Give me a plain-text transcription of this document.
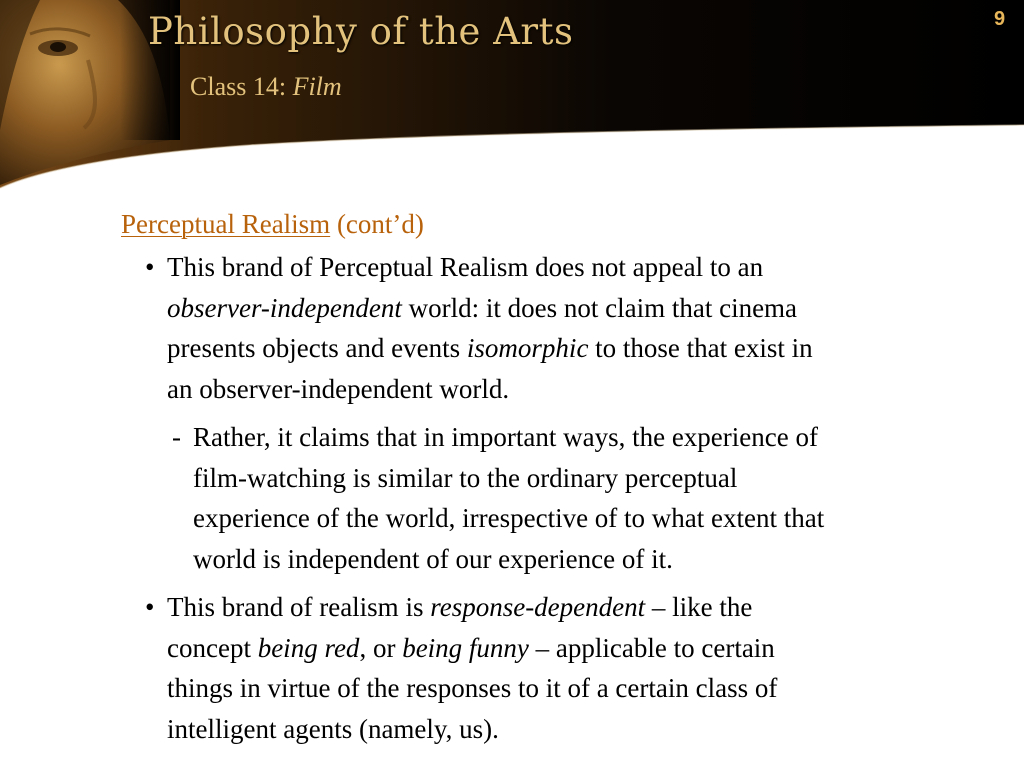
Philosophy of the Arts
Class 14: Film
9
Perceptual Realism (cont’d)
• This brand of Perceptual Realism does not appeal to an
observer-independent world: it does not claim that cinema
presents objects and events isomorphic to those that exist in
an observer-independent world.
- Rather, it claims that in important ways, the experience of
film-watching is similar to the ordinary perceptual
experience of the world, irrespective of to what extent that
world is independent of our experience of it.
• This brand of realism is response-dependent – like the
concept being red, or being funny – applicable to certain
things in virtue of the responses to it of a certain class of
intelligent agents (namely, us).
